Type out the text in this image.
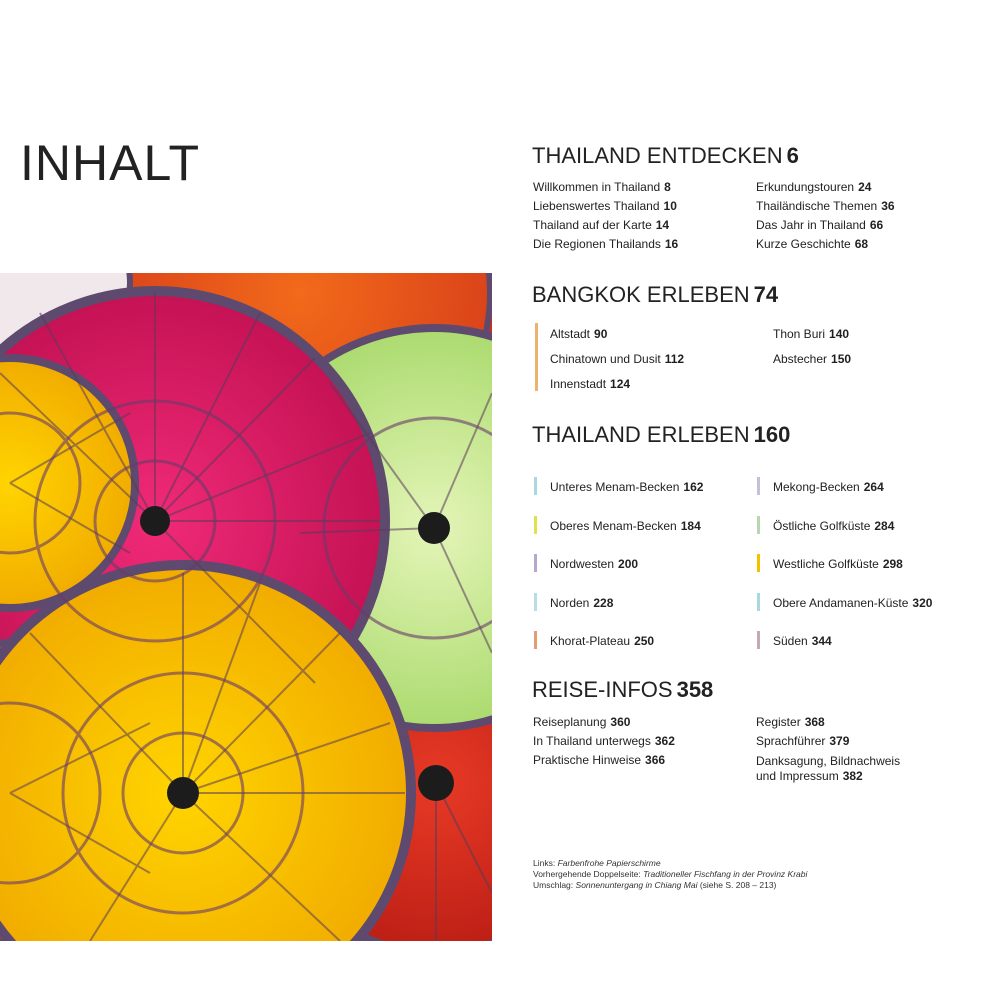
INHALT	THAILAND ENTDECKEN 6
Willkommen in Thailand 8
Liebenswertes Thailand 10
Thailand auf der Karte 14
Die Regionen Thailands 16
Erkundungstouren 24
Thailändische Themen 36
Das Jahr in Thailand 66
Kurze Geschichte 68
BANGKOK ERLEBEN 74
Altstadt 90
Chinatown und Dusit 112
Innenstadt 124
Thon Buri 140
Abstecher 150
THAILAND ERLEBEN 160
Unteres Menam-Becken 162
Oberes Menam-Becken 184
Nordwesten 200
Norden 228
Khorat-Plateau 250
Mekong-Becken 264
Östliche Golfküste 284
Westliche Golfküste 298
Obere Andamanen-Küste 320
Süden 344
REISE-INFOS 358
Reiseplanung 360
In Thailand unterwegs 362
Praktische Hinweise 366
Register 368
Sprachführer 379
Danksagung, Bildnachweis
und Impressum 382
Links: Farbenfrohe Papierschirme
Vorhergehende Doppelseite: Traditioneller Fischfang in der Provinz Krabi
Umschlag: Sonnenuntergang in Chiang Mai (siehe S. 208 – 213)
